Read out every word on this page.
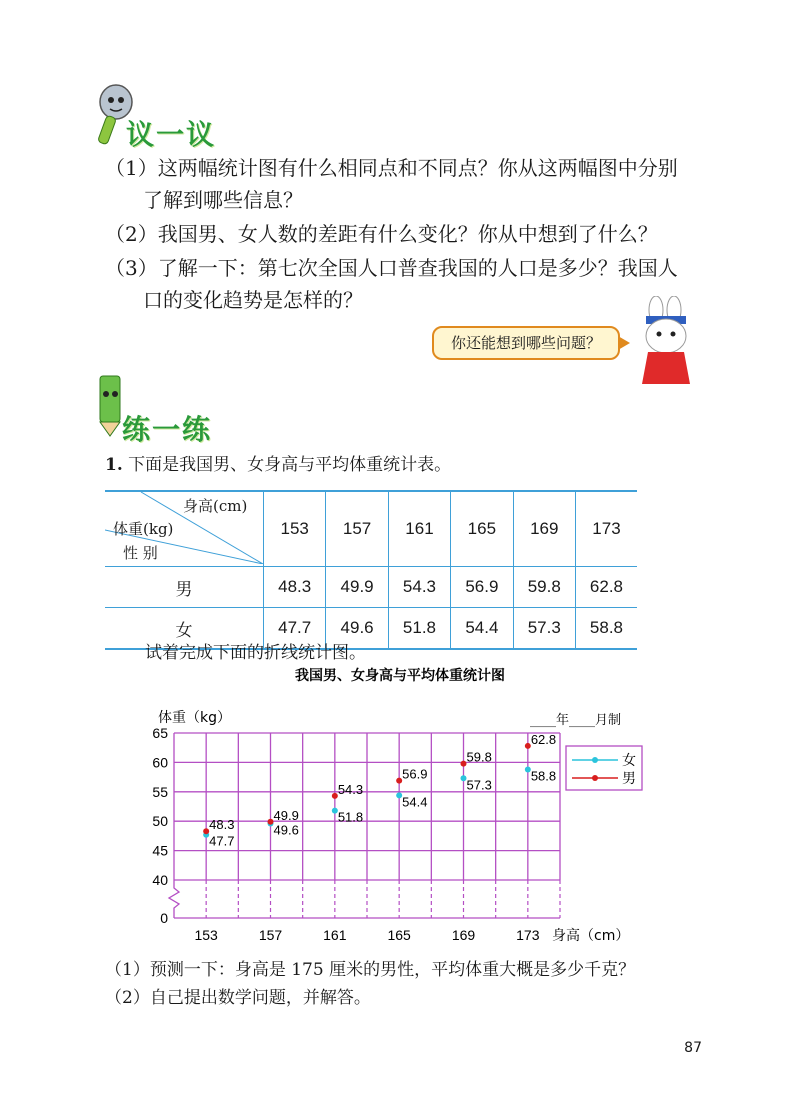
议一议
（1）这两幅统计图有什么相同点和不同点？你从这两幅图中分别
了解到哪些信息？
（2）我国男、女人数的差距有什么变化？你从中想到了什么？
（3）了解一下：第七次全国人口普查我国的人口是多少？我国人
口的变化趋势是怎样的？
你还能想到哪些问题？
练一练
1. 下面是我国男、女身高与平均体重统计表。
身高(cm)
体重(kg)
性 别	153	157	161	165	169	173
男	48.3	49.9	54.3	56.9	59.8	62.8
女	47.7	49.6	51.8	54.4	57.3	58.8
试着完成下面的折线统计图。
我国男、女身高与平均体重统计图
体重（kg）	____年____月制
0
40
45
50
55
60
65
153	157	161	165	169	173 身高（cm）
47.7
49.6
51.8
54.4
57.3
58.8
48.3
49.9
54.3
56.9
59.8
62.8
女
男
（1）预测一下：身高是 175 厘米的男性，平均体重大概是多少千克？
（2）自己提出数学问题，并解答。
87
